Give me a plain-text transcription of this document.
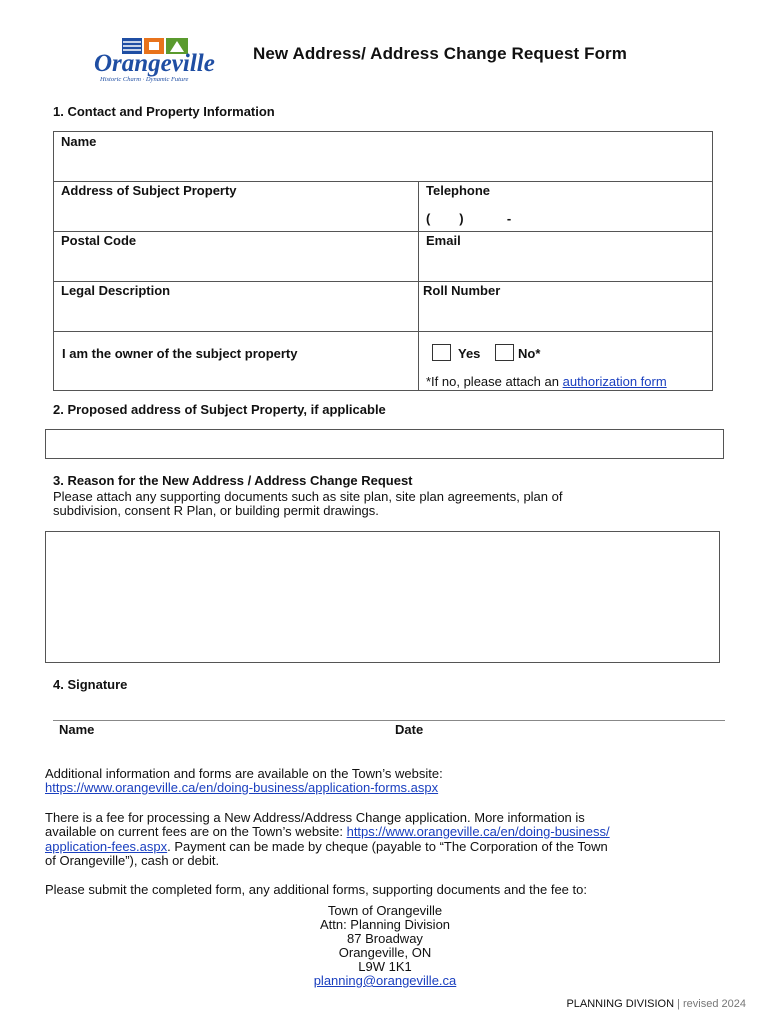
Orangeville
Historic Charm · Dynamic Future
New Address/ Address Change Request Form
1. Contact and Property Information
Name
Address of Subject Property	Telephone
(        )            -
Postal Code	Email
Legal Description	Roll Number
I am the owner of the subject property	Yes	No*
*If no, please attach an authorization form
2. Proposed address of Subject Property, if applicable
3. Reason for the New Address / Address Change Request
Please attach any supporting documents such as site plan, site plan agreements, plan of
subdivision, consent R Plan, or building permit drawings.
4. Signature
Name	Date
Additional information and forms are available on the Town’s website:
https://www.orangeville.ca/en/doing-business/application-forms.aspx
There is a fee for processing a New Address/Address Change application. More information is
available on current fees are on the Town’s website: https://www.orangeville.ca/en/doing-business/
application-fees.aspx. Payment can be made by cheque (payable to “The Corporation of the Town
of Orangeville”), cash or debit.
Please submit the completed form, any additional forms, supporting documents and the fee to:
Town of Orangeville
Attn: Planning Division
87 Broadway
Orangeville, ON
L9W 1K1
planning@orangeville.ca
PLANNING DIVISION | revised 2024
